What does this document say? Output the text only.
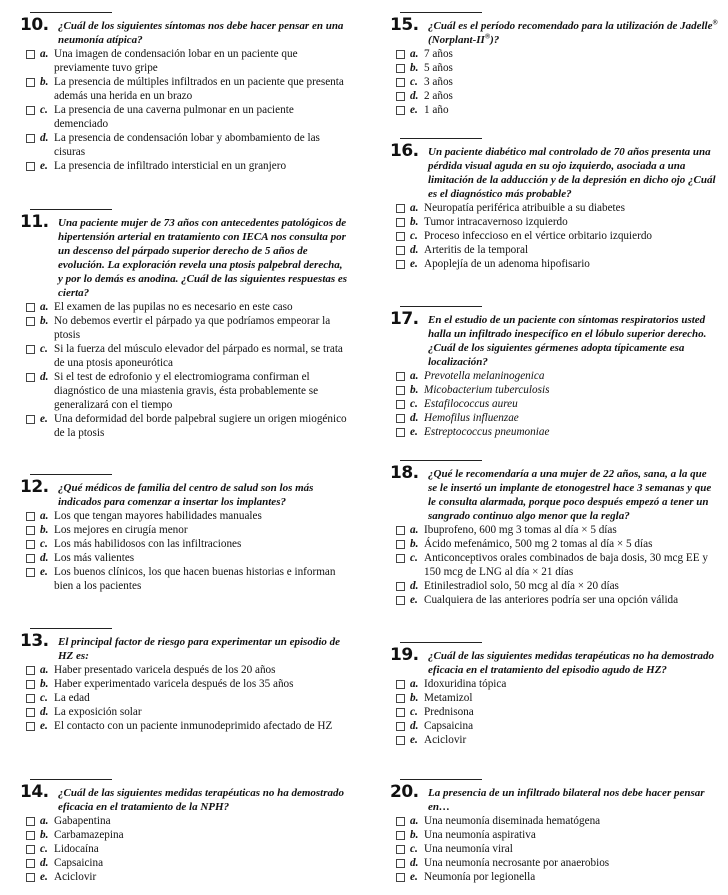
10. ¿Cuál de los siguientes síntomas nos debe hacer pensar en una neumonía atípica?
a. Una imagen de condensación lobar en un paciente que previamente tuvo gripe
b. La presencia de múltiples infiltrados en un paciente que presenta además una herida en un brazo
c. La presencia de una caverna pulmonar en un paciente demenciado
d. La presencia de condensación lobar y abombamiento de las cisuras
e. La presencia de infiltrado intersticial en un granjero
11. Una paciente mujer de 73 años con antecedentes patológicos de hipertensión arterial en tratamiento con IECA nos consulta por un descenso del párpado superior derecho de 5 años de evolución. La exploración revela una ptosis palpebral derecha, y por lo demás es anodina. ¿Cuál de las siguientes respuestas es cierta?
a. El examen de las pupilas no es necesario en este caso
b. No debemos evertir el párpado ya que podríamos empeorar la ptosis
c. Si la fuerza del músculo elevador del párpado es normal, se trata de una ptosis aponeurótica
d. Si el test de edrofonio y el electromiograma confirman el diagnóstico de una miastenia gravis, ésta probablemente se generalizará con el tiempo
e. Una deformidad del borde palpebral sugiere un origen miogénico de la ptosis
12. ¿Qué médicos de familia del centro de salud son los más indicados para comenzar a insertar los implantes?
a. Los que tengan mayores habilidades manuales
b. Los mejores en cirugía menor
c. Los más habilidosos con las infiltraciones
d. Los más valientes
e. Los buenos clínicos, los que hacen buenas historias e informan bien a los pacientes
13. El principal factor de riesgo para experimentar un episodio de HZ es:
a. Haber presentado varicela después de los 20 años
b. Haber experimentado varicela después de los 35 años
c. La edad
d. La exposición solar
e. El contacto con un paciente inmunodeprimido afectado de HZ
14. ¿Cuál de las siguientes medidas terapéuticas no ha demostrado eficacia en el tratamiento de la NPH?
a. Gabapentina
b. Carbamazepina
c. Lidocaína
d. Capsaicina
e. Aciclovir
15. ¿Cuál es el período recomendado para la utilización de Jadelle® (Norplant-II®)?
a. 7 años
b. 5 años
c. 3 años
d. 2 años
e. 1 año
16. Un paciente diabético mal controlado de 70 años presenta una pérdida visual aguda en su ojo izquierdo, asociada a una limitación de la adducción y de la depresión en dicho ojo ¿Cuál es el diagnóstico más probable?
a. Neuropatía periférica atribuible a su diabetes
b. Tumor intracavernoso izquierdo
c. Proceso infeccioso en el vértice orbitario izquierdo
d. Arteritis de la temporal
e. Apoplejía de un adenoma hipofisario
17. En el estudio de un paciente con síntomas respiratorios usted halla un infiltrado inespecífico en el lóbulo superior derecho. ¿Cuál de los siguientes gérmenes adopta típicamente esa localización?
a. Prevotella melaninogenica
b. Micobacterium tuberculosis
c. Estafilococcus aureu
d. Hemofilus influenzae
e. Estreptococcus pneumoniae
18. ¿Qué le recomendaría a una mujer de 22 años, sana, a la que se le insertó un implante de etonogestrel hace 3 semanas y que le consulta alarmada, porque poco después empezó a tener un sangrado continuo algo menor que la regla?
a. Ibuprofeno, 600 mg 3 tomas al día × 5 días
b. Ácido mefenámico, 500 mg 2 tomas al día × 5 días
c. Anticonceptivos orales combinados de baja dosis, 30 mcg EE y 150 mcg de LNG al día × 21 días
d. Etinilestradiol solo, 50 mcg al día × 20 días
e. Cualquiera de las anteriores podría ser una opción válida
19. ¿Cuál de las siguientes medidas terapéuticas no ha demostrado eficacia en el tratamiento del episodio agudo de HZ?
a. Idoxuridina tópica
b. Metamizol
c. Prednisona
d. Capsaicina
e. Aciclovir
20. La presencia de un infiltrado bilateral nos debe hacer pensar en…
a. Una neumonía diseminada hematógena
b. Una neumonía aspirativa
c. Una neumonía viral
d. Una neumonía necrosante por anaerobios
e. Neumonía por legionella
